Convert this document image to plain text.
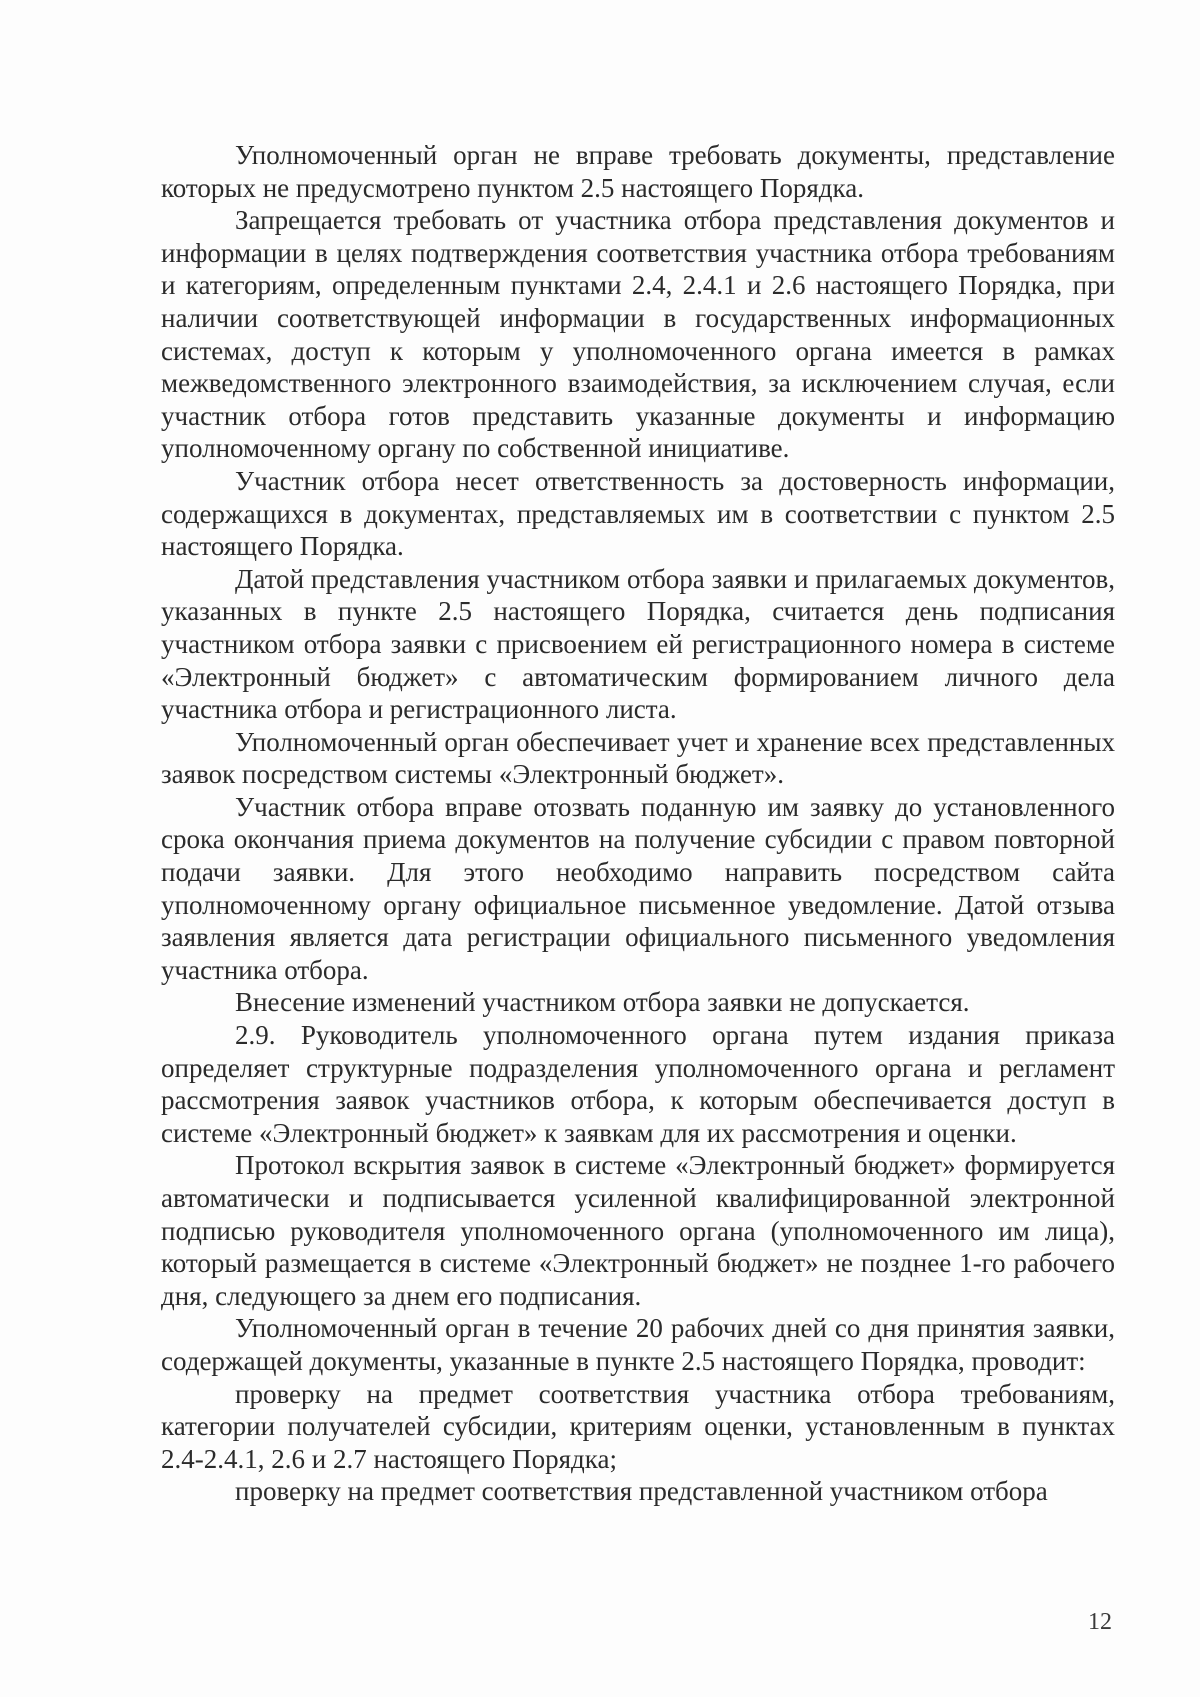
Уполномоченный орган не вправе требовать документы, представление которых не предусмотрено пунктом 2.5 настоящего Порядка.

Запрещается требовать от участника отбора представления документов и информации в целях подтверждения соответствия участника отбора требованиям и категориям, определенным пунктами 2.4, 2.4.1 и 2.6 настоящего Порядка, при наличии соответствующей информации в государственных информационных системах, доступ к которым у уполномоченного органа имеется в рамках межведомственного электронного взаимодействия, за исключением случая, если участник отбора готов представить указанные документы и информацию уполномоченному органу по собственной инициативе.

Участник отбора несет ответственность за достоверность информации, содержащихся в документах, представляемых им в соответствии с пунктом 2.5 настоящего Порядка.

Датой представления участником отбора заявки и прилагаемых документов, указанных в пункте 2.5 настоящего Порядка, считается день подписания участником отбора заявки с присвоением ей регистрационного номера в системе «Электронный бюджет» с автоматическим формированием личного дела участника отбора и регистрационного листа.

Уполномоченный орган обеспечивает учет и хранение всех представленных заявок посредством системы «Электронный бюджет».

Участник отбора вправе отозвать поданную им заявку до установленного срока окончания приема документов на получение субсидии с правом повторной подачи заявки. Для этого необходимо направить посредством сайта уполномоченному органу официальное письменное уведомление. Датой отзыва заявления является дата регистрации официального письменного уведомления участника отбора.

Внесение изменений участником отбора заявки не допускается.

2.9. Руководитель уполномоченного органа путем издания приказа определяет структурные подразделения уполномоченного органа и регламент рассмотрения заявок участников отбора, к которым обеспечивается доступ в системе «Электронный бюджет» к заявкам для их рассмотрения и оценки.

Протокол вскрытия заявок в системе «Электронный бюджет» формируется автоматически и подписывается усиленной квалифицированной электронной подписью руководителя уполномоченного органа (уполномоченного им лица), который размещается в системе «Электронный бюджет» не позднее 1-го рабочего дня, следующего за днем его подписания.

Уполномоченный орган в течение 20 рабочих дней со дня принятия заявки, содержащей документы, указанные в пункте 2.5 настоящего Порядка, проводит:

проверку на предмет соответствия участника отбора требованиям, категории получателей субсидии, критериям оценки, установленным в пунктах 2.4-2.4.1, 2.6 и 2.7 настоящего Порядка;

проверку на предмет соответствия представленной участником отбора

12
